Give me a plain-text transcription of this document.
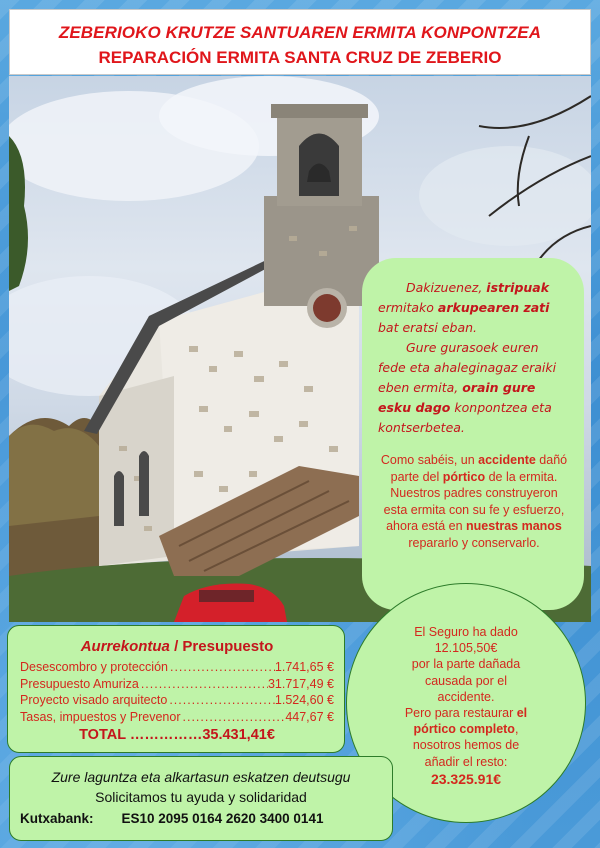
ZEBERIOKO KRUTZE SANTUAREN ERMITA KONPONTZEA
REPARACIÓN ERMITA SANTA CRUZ DE ZEBERIO

Dakizuenez, istripuak ermitako arkupearen zati bat eratsi eban.

Gure gurasoek euren fede eta ahaleginagaz eraiki eben ermita, orain gure esku dago konpontzea eta kontserbetea.

Como sabéis, un accidente dañó parte del pórtico de la ermita.

Nuestros padres construyeron esta ermita con su fe y esfuerzo, ahora está en nuestras manos repararlo y conservarlo.

Aurrekontua / Presupuesto
Desescombro y protección .....	1.741,65 €
Presupuesto Amuriza .....	31.717,49 €
Proyecto visado arquitecto .....	1.524,60 €
Tasas, impuestos y Prevenor .....	447,67 €
TOTAL ……………35.431,41€
El Seguro ha dado
12.105,50€
por la parte dañada
causada por el
accidente.
Pero para restaurar el
pórtico completo,
nosotros hemos de
añadir el resto:
23.325.91€
Zure laguntza eta alkartasun eskatzen deutsugu
Solicitamos tu ayuda y solidaridad
Kutxabank: ES10 2095 0164 2620 3400 0141
